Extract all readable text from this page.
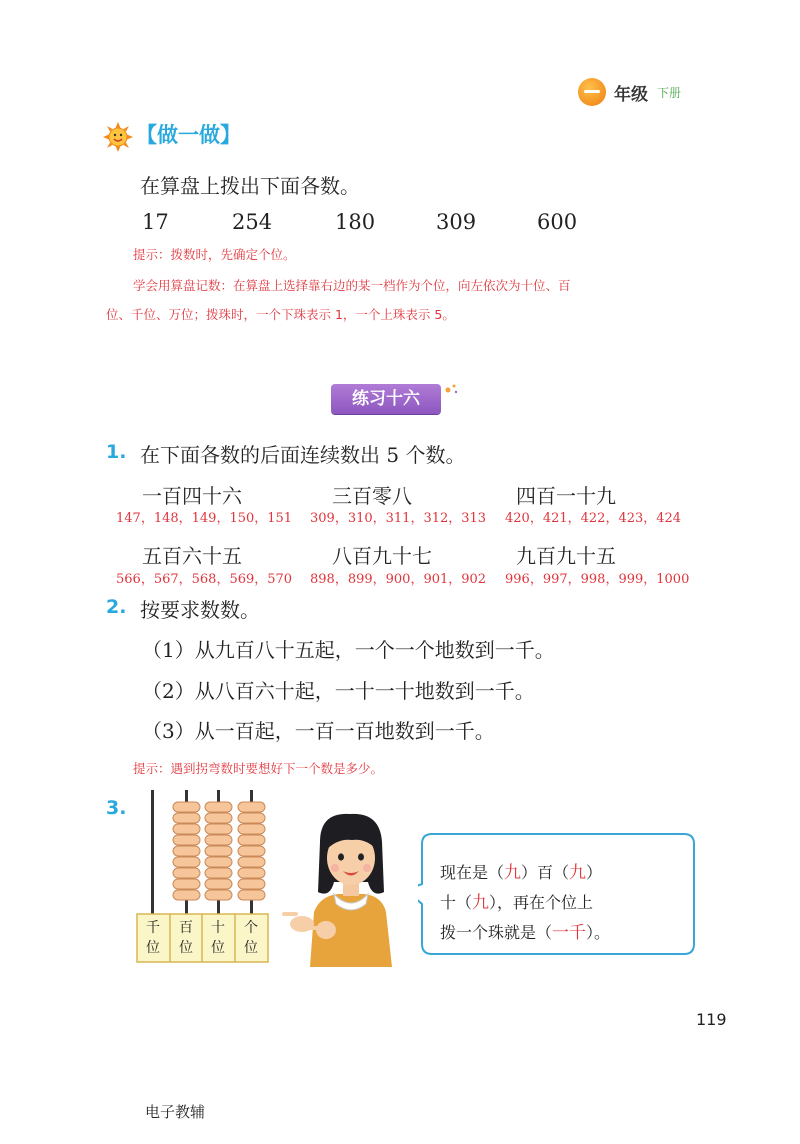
年级 下册
【做一做】
在算盘上拨出下面各数。
17	254	180	309	600
提示：拨数时，先确定个位。
学会用算盘记数：在算盘上选择靠右边的某一档作为个位，向左依次为十位、百
位、千位、万位；拨珠时，一个下珠表示 1，一个上珠表示 5。
练习十六
1. 在下面各数的后面连续数出 5 个数。
一百四十六	三百零八	四百一十九
147，148，149，150，151 309，310，311，312，313 420，421，422，423，424
五百六十五	八百九十七	九百九十五
566，567，568，569，570 898，899，900，901，902 996，997，998，999，1000
2. 按要求数数。
（1）从九百八十五起，一个一个地数到一千。
（2）从八百六十起，一十一十地数到一千。
（3）从一百起，一百一百地数到一千。
提示：遇到拐弯数时要想好下一个数是多少。
3.
千
位
百
位
十
位
个
位
现在是（九）百（九）
十（九），再在个位上
拨一个珠就是（一千）。
119
电子教辅
